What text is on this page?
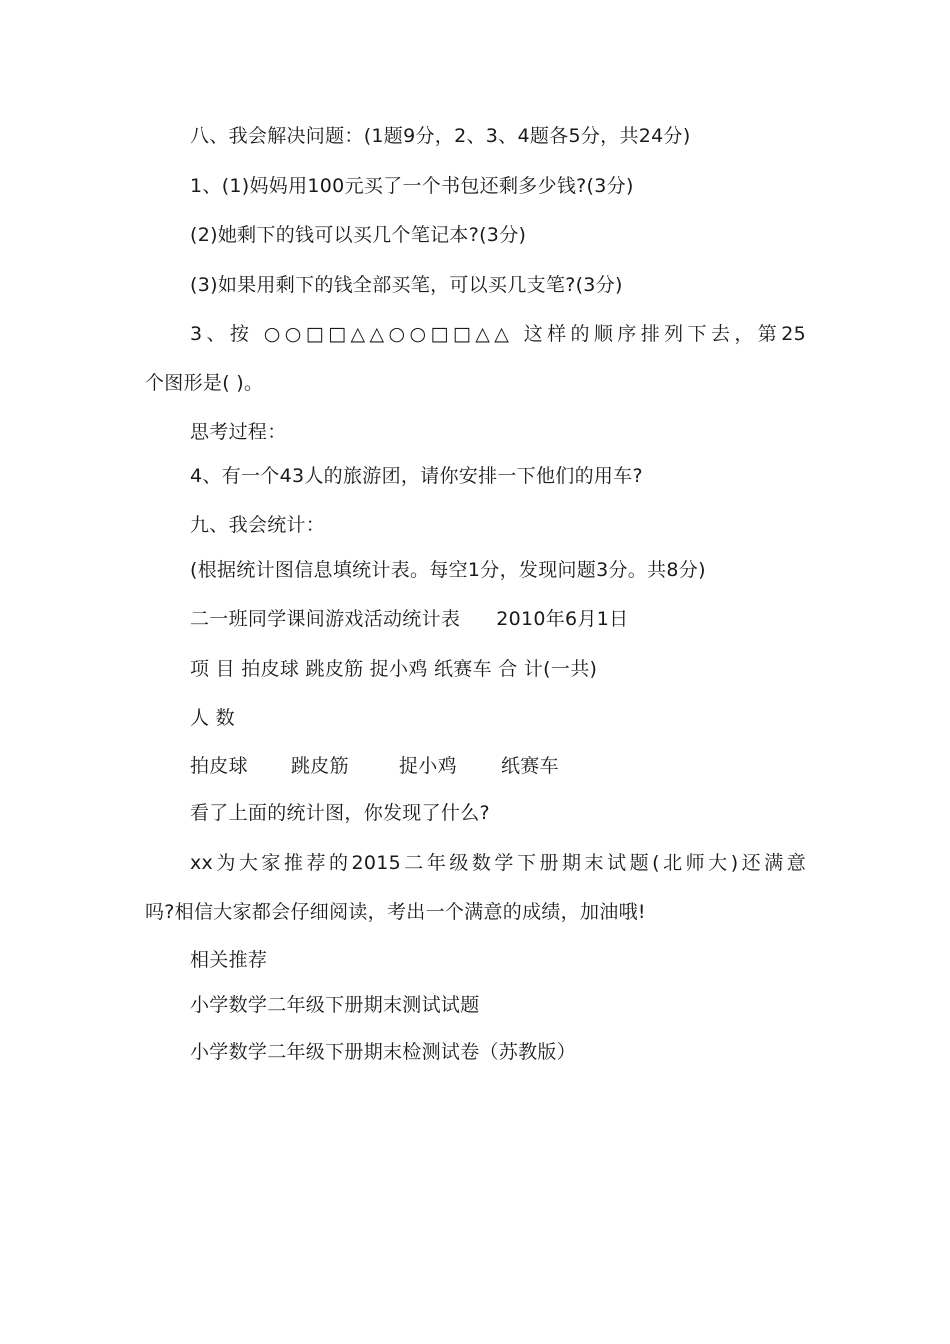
八、我会解决问题：(1题9分，2、3、4题各5分，共24分)
1、(1)妈妈用100元买了一个书包还剩多少钱?(3分)
(2)她剩下的钱可以买几个笔记本?(3分)
(3)如果用剩下的钱全部买笔，可以买几支笔?(3分)
3、按 ○○□□△△○○□□△△ 这样的顺序排列下去，第25
个图形是( )。
思考过程：
4、有一个43人的旅游团，请你安排一下他们的用车?
九、我会统计：
(根据统计图信息填统计表。每空1分，发现问题3分。共8分)
二一班同学课间游戏活动统计表 2010年6月1日
项 目 拍皮球 跳皮筋 捉小鸡 纸赛车 合 计(一共)
人 数
拍皮球 跳皮筋	捉小鸡 纸赛车
看了上面的统计图，你发现了什么?
xx为大家推荐的2015二年级数学下册期末试题(北师大)还满意
吗?相信大家都会仔细阅读，考出一个满意的成绩，加油哦!
相关推荐
小学数学二年级下册期末测试试题
小学数学二年级下册期末检测试卷（苏教版）
